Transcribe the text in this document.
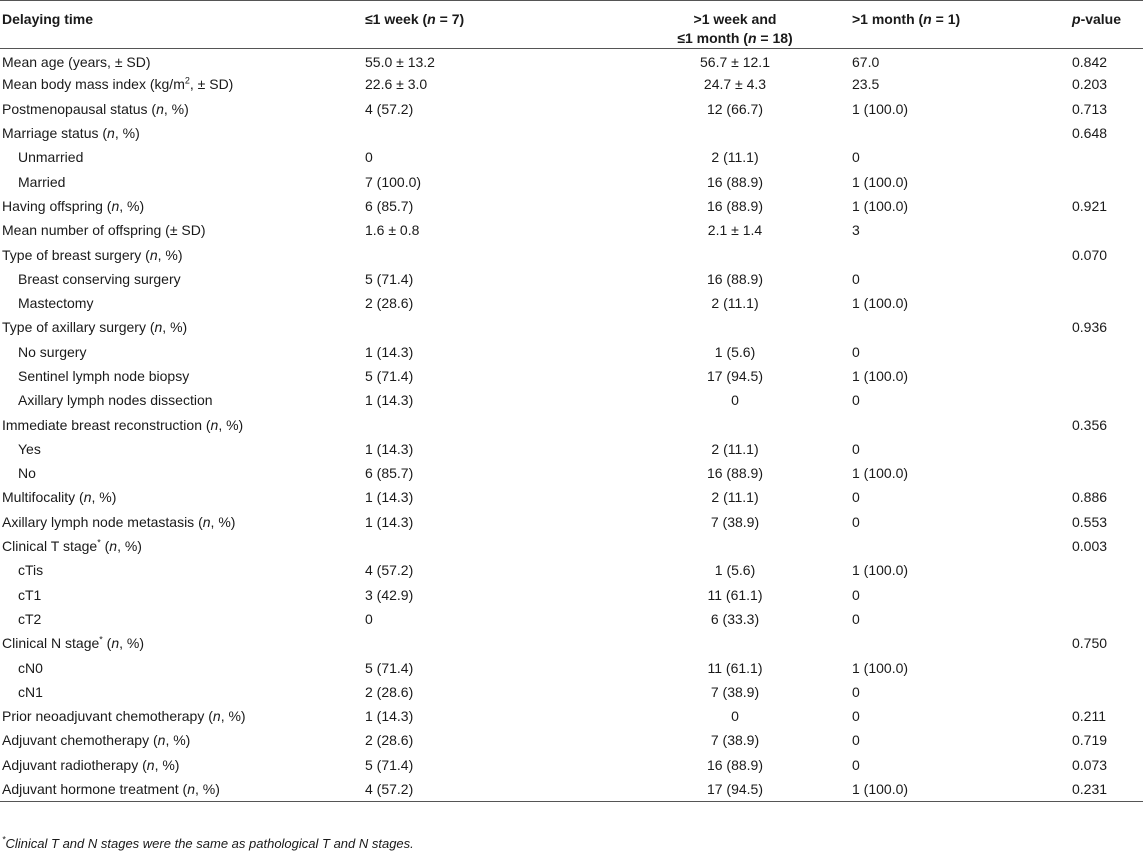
Delaying time	≤1 week (n = 7)	>1 week and
≤1 month (n = 18)	>1 month (n = 1)	p-value
Mean age (years, ± SD)	55.0 ± 13.2	56.7 ± 12.1	67.0	0.842
Mean body mass index ($kg/m^2$, ± SD)	22.6 ± 3.0	24.7 ± 4.3	23.5	0.203
Postmenopausal status (n, %)	4 (57.2)	12 (66.7)	1 (100.0)	0.713
Marriage status (n, %)				0.648
Unmarried	0	2 (11.1)	0	
Married	7 (100.0)	16 (88.9)	1 (100.0)	
Having offspring (n, %)	6 (85.7)	16 (88.9)	1 (100.0)	0.921
Mean number of offspring (± SD)	1.6 ± 0.8	2.1 ± 1.4	3	
Type of breast surgery (n, %)				0.070
Breast conserving surgery	5 (71.4)	16 (88.9)	0	
Mastectomy	2 (28.6)	2 (11.1)	1 (100.0)	
Type of axillary surgery (n, %)				0.936
No surgery	1 (14.3)	1 (5.6)	0	
Sentinel lymph node biopsy	5 (71.4)	17 (94.5)	1 (100.0)	
Axillary lymph nodes dissection	1 (14.3)	0	0	
Immediate breast reconstruction (n, %)				0.356
Yes	1 (14.3)	2 (11.1)	0	
No	6 (85.7)	16 (88.9)	1 (100.0)	
Multifocality (n, %)	1 (14.3)	2 (11.1)	0	0.886
Axillary lymph node metastasis (n, %)	1 (14.3)	7 (38.9)	0	0.553
Clinical T stage* (n, %)				0.003
cTis	4 (57.2)	1 (5.6)	1 (100.0)	
cT1	3 (42.9)	11 (61.1)	0	
cT2	0	6 (33.3)	0	
Clinical N stage* (n, %)				0.750
cN0	5 (71.4)	11 (61.1)	1 (100.0)	
cN1	2 (28.6)	7 (38.9)	0	
Prior neoadjuvant chemotherapy (n, %)	1 (14.3)	0	0	0.211
Adjuvant chemotherapy (n, %)	2 (28.6)	7 (38.9)	0	0.719
Adjuvant radiotherapy (n, %)	5 (71.4)	16 (88.9)	0	0.073
Adjuvant hormone treatment (n, %)	4 (57.2)	17 (94.5)	1 (100.0)	0.231
*Clinical T and N stages were the same as pathological T and N stages.
